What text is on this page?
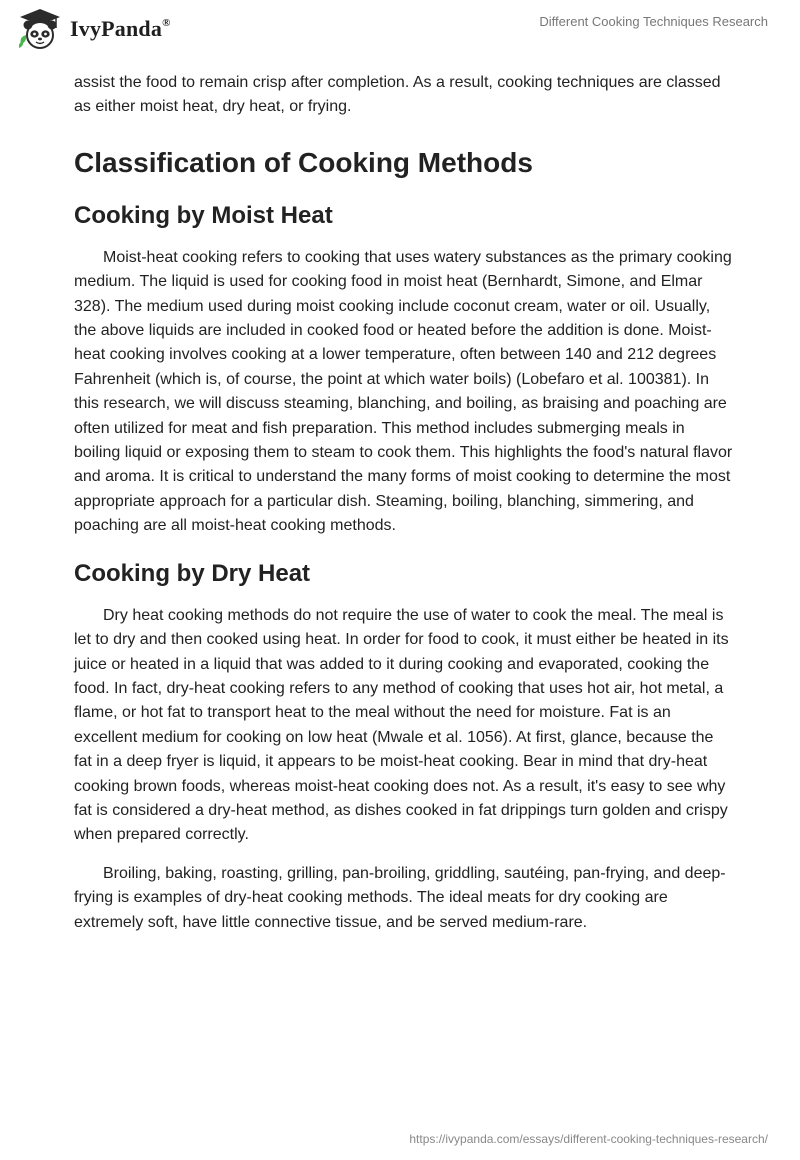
IvyPanda®	Different Cooking Techniques Research

assist the food to remain crisp after completion. As a result, cooking techniques are classed as either moist heat, dry heat, or frying.

Classification of Cooking Methods
Cooking by Moist Heat

Moist-heat cooking refers to cooking that uses watery substances as the primary cooking medium. The liquid is used for cooking food in moist heat (Bernhardt, Simone, and Elmar 328). The medium used during moist cooking include coconut cream, water or oil. Usually, the above liquids are included in cooked food or heated before the addition is done. Moist-heat cooking involves cooking at a lower temperature, often between 140 and 212 degrees Fahrenheit (which is, of course, the point at which water boils) (Lobefaro et al. 100381). In this research, we will discuss steaming, blanching, and boiling, as braising and poaching are often utilized for meat and fish preparation. This method includes submerging meals in boiling liquid or exposing them to steam to cook them. This highlights the food's natural flavor and aroma. It is critical to understand the many forms of moist cooking to determine the most appropriate approach for a particular dish. Steaming, boiling, blanching, simmering, and poaching are all moist-heat cooking methods.

Cooking by Dry Heat

Dry heat cooking methods do not require the use of water to cook the meal. The meal is let to dry and then cooked using heat. In order for food to cook, it must either be heated in its juice or heated in a liquid that was added to it during cooking and evaporated, cooking the food. In fact, dry-heat cooking refers to any method of cooking that uses hot air, hot metal, a flame, or hot fat to transport heat to the meal without the need for moisture. Fat is an excellent medium for cooking on low heat (Mwale et al. 1056). At first, glance, because the fat in a deep fryer is liquid, it appears to be moist-heat cooking. Bear in mind that dry-heat cooking brown foods, whereas moist-heat cooking does not. As a result, it's easy to see why fat is considered a dry-heat method, as dishes cooked in fat drippings turn golden and crispy when prepared correctly.

Broiling, baking, roasting, grilling, pan-broiling, griddling, sautéing, pan-frying, and deep-frying is examples of dry-heat cooking methods. The ideal meats for dry cooking are extremely soft, have little connective tissue, and be served medium-rare.

https://ivypanda.com/essays/different-cooking-techniques-research/
